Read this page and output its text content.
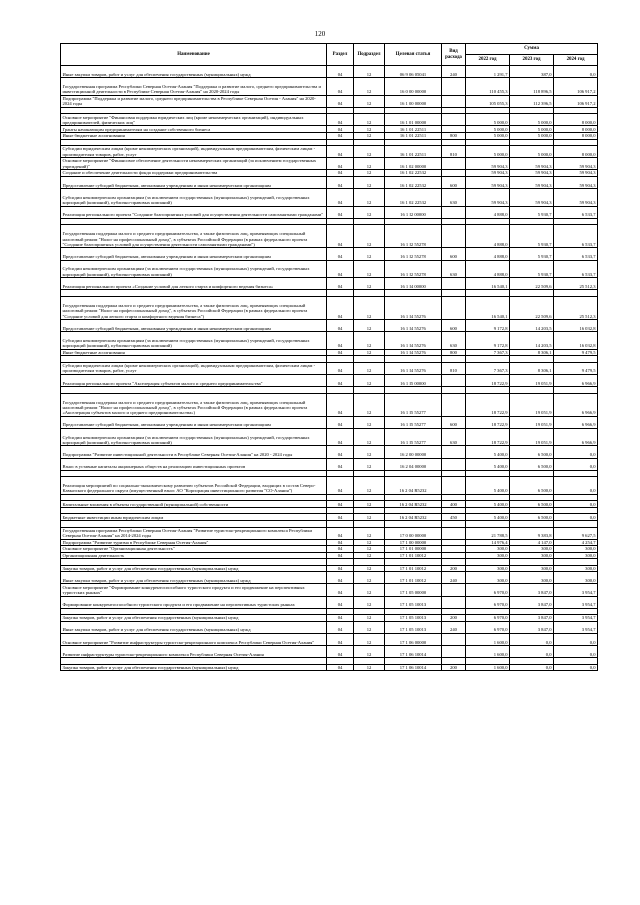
120
Наименование	Раздел	Подраздел	Целевая статья	Вид расхода	Сумма		
					2022 год	2023 год	2024 год
Иные закупки товаров, работ и услуг для обеспечения государственных (муниципальных) нужд	04	12	06 9 06 05041	240	1 291,7	387,0	0,0
Государственная программа Республики Северная Осетия-Алания "Поддержка и развитие малого, среднего предпринимательства и инвестиционной деятельности в Республике Северная Осетия-Алания" на 2020-2024 годы	04	12	16 0 00 00000		110 455,3	118 896,5	106 917,2
Подпрограмма "Поддержка и развитие малого, среднего предпринимательства в Республике Северная Осетия - Алания" на 2020-2024 годы	04	12	16 1 00 00000		105 055,3	112 396,5	106 917,2

Основное мероприятие "Финансовая поддержка юридических лиц (кроме некоммерческих организаций), индивидуальных предпринимателей, физических лиц"	04	12	16 1 01 00000		5 000,0	5 000,0	8 000,0
Гранты начинающим предпринимателям на создание собственного бизнеса	04	12	16 1 01 22511		5 000,0	5 000,0	8 000,0
Иные бюджетные ассигнования	04	12	16 1 01 22511	800	5 000,0	5 000,0	8 000,0

Субсидии юридическим лицам (кроме некоммерческих организаций), индивидуальным предпринимателям, физическим лицам - производителям товаров, работ, услуг	04	12	16 1 01 22511	810	5 000,0	5 000,0	8 000,0
Основное мероприятие "Финансовое обеспечение деятельности некоммерческих организаций (за исключением государственных учреждений)"	04	12	16 1 02 00000		59 904,3	59 904,3	59 904,3
Создание и обеспечение деятельности фонда поддержки предпринимательства	04	12	16 1 02 22532		59 904,3	59 904,3	59 904,3
Предоставление субсидий бюджетным, автономным учреждениям и иным некоммерческим организациям	04	12	16 1 02 22532	600	59 904,3	59 904,3	59 904,3
Субсидии некоммерческим организациям (за исключением государственных (муниципальных) учреждений, государственных корпораций (компаний), публично-правовых компаний)	04	12	16 1 02 22532	630	59 904,3	59 904,3	59 904,3
Реализация регионального проекта "Создание благоприятных условий для осуществления деятельности самозанятыми гражданами"	04	12	16 1 I2 00000		4 888,0	5 930,7	6 533,7

Государственная поддержка малого и среднего предпринимательства, а также физических лиц, применяющих специальный налоговый режим "Налог на профессиональный доход", в субъектах Российской Федерации (в рамках федерального проекта "Создание благоприятных условий для осуществления деятельности самозанятыми гражданами")	04	12	16 1 I2 55278		4 888,0	5 930,7	6 533,7
Предоставление субсидий бюджетным, автономным учреждениям и иным некоммерческим организациям	04	12	16 1 I2 55278	600	4 888,0	5 930,7	6 533,7
Субсидии некоммерческим организациям (за исключением государственных (муниципальных) учреждений, государственных корпораций (компаний), публично-правовых компаний)	04	12	16 1 I2 55278	630	4 888,0	5 930,7	6 533,7
Реализация регионального проекта «Создание условий для легкого старта и комфортного ведения бизнеса»	04	12	16 1 I4 00000		16 540,1	22 509,6	25 512,3

Государственная поддержка малого и среднего предпринимательства, а также физических лиц, применяющих специальный налоговый режим "Налог на профессиональный доход", в субъектах Российской Федерации (в рамках федерального проекта "Создание условий для легкого старта и комфортного ведения бизнеса")	04	12	16 1 I4 55276		16 540,1	22 509,6	25 512,3
Предоставление субсидий бюджетным, автономным учреждениям и иным некоммерческим организациям	04	12	16 1 I4 55276	600	9 172,8	14 203,5	16 032,8
Субсидии некоммерческим организациям (за исключением государственных (муниципальных) учреждений, государственных корпораций (компаний), публично-правовых компаний)	04	12	16 1 I4 55276	630	9 172,8	14 203,5	16 032,8
Иные бюджетные ассигнования	04	12	16 1 I4 55276	800	7 367,3	8 306,1	9 479,5

Субсидии юридическим лицам (кроме некоммерческих организаций), индивидуальным предпринимателям, физическим лицам - производителям товаров, работ, услуг	04	12	16 1 I4 55276	810	7 367,3	8 306,1	9 479,5
Реализация регионального проекта "Акселерация субъектов малого и среднего предпринимательства"	04	12	16 1 I5 00000		18 722,9	19 051,9	6 966,9

Государственная поддержка малого и среднего предпринимательства, а также физических лиц, применяющих специальный налоговый режим "Налог на профессиональный доход", в субъектах Российской Федерации (в рамках федерального проекта «Акселерация субъектов малого и среднего предпринимательства»)	04	12	16 1 I5 55277		18 722,9	19 051,9	6 966,9
Предоставление субсидий бюджетным, автономным учреждениям и иным некоммерческим организациям	04	12	16 1 I5 55277	600	18 722,9	19 051,9	6 966,9
Субсидии некоммерческим организациям (за исключением государственных (муниципальных) учреждений, государственных корпораций (компаний), публично-правовых компаний)	04	12	16 1 I5 55277	630	18 722,9	19 051,9	6 966,9
Подпрограмма "Развитие инвестиционной деятельности в Республике Северная Осетия-Алания" на 2020 - 2024 годы	04	12	16 2 00 00000		5 400,0	6 500,0	0,0
Взнос в уставные капиталы акционерных обществ на реализацию инвестиционных проектов	04	12	16 2 04 00000		5 400,0	6 500,0	0,0

Реализация мероприятий по социально-экономическому развитию субъектов Российской Федерации, входящих в состав Северо-Кавказского федерального округа (имущественный взнос АО "Корпорация инвестиционного развития "СО-Алания")	04	12	16 2 04 R5232		5 400,0	6 500,0	0,0

Капитальные вложения в объекты государственной (муниципальной) собственности	04	12	16 2 04 R5232	400	5 400,0	6 500,0	0,0

Бюджетные инвестиции иным юридическим лицам	04	12	16 2 04 R5232	450	5 400,0	6 500,0	0,0

Государственная программа Республики Северная Осетия-Алания "Развитие туристско-рекреационного комплекса Республики Северная Осетия-Алания" на 2014-2024 годы	04	12	17 0 00 00000		21 788,5	9 383,8	9 627,5
Подпрограмма "Развитие туризма в Республике Северная Осетия-Алания"	04	12	17 1 00 00000		14 976,4	4 147,0	4 254,7
Основное мероприятие "Организационная деятельность"	04	12	17 1 01 00000		300,0	300,0	300,0
Организационная деятельность	04	12	17 1 01 10012		300,0	300,0	300,0

Закупка товаров, работ и услуг для обеспечения государственных (муниципальных) нужд	04	12	17 1 01 10012	200	300,0	300,0	300,0
Иные закупки товаров, работ и услуг для обеспечения государственных (муниципальных) нужд	04	12	17 1 01 10012	240	300,0	300,0	300,0
Основное мероприятие "Формирование конкурентоспособного туристского продукта и его продвижение на перспективных туристских рынках"	04	12	17 1 05 00000		6 970,0	3 847,0	3 954,7
Формирование конкурентоспособного туристского продукта и его продвижение на перспективных туристских рынках	04	12	17 1 05 10013		6 970,0	3 847,0	3 954,7

Закупка товаров, работ и услуг для обеспечения государственных (муниципальных) нужд	04	12	17 1 05 10013	200	6 970,0	3 847,0	3 954,7
Иные закупки товаров, работ и услуг для обеспечения государственных (муниципальных) нужд	04	12	17 1 05 10013	240	6 970,0	3 847,0	3 954,7
Основное мероприятие "Развитие инфраструктуры туристско-рекреационного комплекса Республики Северная Осетия-Алания"	04	12	17 1 06 00000		1 600,0	0,0	0,0
Развитие инфраструктуры туристско-рекреационного комплекса Республики Северная Осетия-Алания	04	12	17 1 06 10014		1 600,0	0,0	0,0

Закупка товаров, работ и услуг для обеспечения государственных (муниципальных) нужд	04	12	17 1 06 10014	200	1 600,0	0,0	0,0
